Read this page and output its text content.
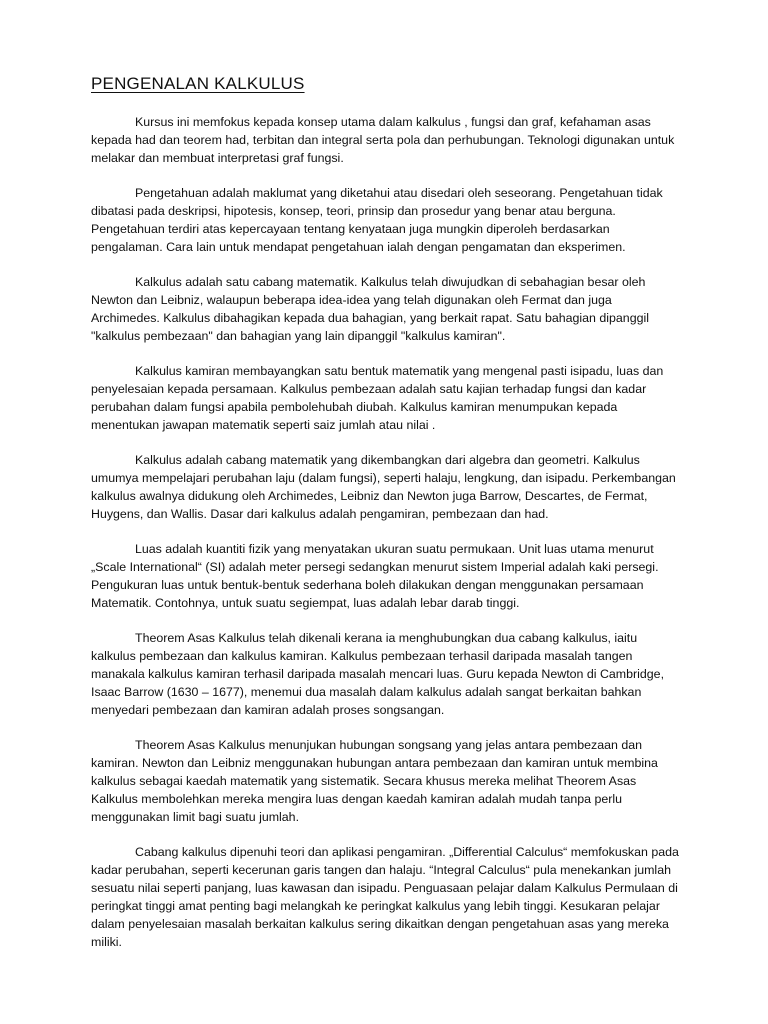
PENGENALAN KALKULUS

Kursus ini memfokus kepada konsep utama dalam kalkulus , fungsi dan graf, kefahaman asas kepada had dan teorem had, terbitan dan integral serta pola dan perhubungan. Teknologi digunakan untuk melakar dan membuat interpretasi graf fungsi.

Pengetahuan adalah maklumat yang diketahui atau disedari oleh seseorang. Pengetahuan tidak dibatasi pada deskripsi, hipotesis, konsep, teori, prinsip dan prosedur yang benar atau berguna. Pengetahuan terdiri atas kepercayaan tentang kenyataan juga mungkin diperoleh berdasarkan pengalaman. Cara lain untuk mendapat pengetahuan ialah dengan pengamatan dan eksperimen.

Kalkulus adalah satu cabang matematik. Kalkulus telah diwujudkan di sebahagian besar oleh Newton dan Leibniz, walaupun beberapa idea-idea yang telah digunakan oleh Fermat dan juga Archimedes. Kalkulus dibahagikan kepada dua bahagian, yang berkait rapat. Satu bahagian dipanggil "kalkulus pembezaan" dan bahagian yang lain dipanggil "kalkulus kamiran".

Kalkulus kamiran membayangkan satu bentuk matematik yang mengenal pasti isipadu, luas dan penyelesaian kepada persamaan. Kalkulus pembezaan adalah satu kajian terhadap fungsi dan kadar perubahan dalam fungsi apabila pembolehubah diubah. Kalkulus kamiran menumpukan kepada menentukan jawapan matematik seperti saiz jumlah atau nilai .

Kalkulus adalah cabang matematik yang dikembangkan dari algebra dan geometri. Kalkulus umumya mempelajari perubahan laju (dalam fungsi), seperti halaju, lengkung, dan isipadu. Perkembangan kalkulus awalnya didukung oleh Archimedes, Leibniz dan Newton juga Barrow, Descartes, de Fermat, Huygens, dan Wallis. Dasar dari kalkulus adalah pengamiran, pembezaan dan had.

Luas adalah kuantiti fizik yang menyatakan ukuran suatu permukaan. Unit luas utama menurut „Scale International“ (SI) adalah meter persegi sedangkan menurut sistem Imperial adalah kaki persegi. Pengukuran luas untuk bentuk-bentuk sederhana boleh dilakukan dengan menggunakan persamaan Matematik. Contohnya, untuk suatu segiempat, luas adalah lebar darab tinggi.

Theorem Asas Kalkulus telah dikenali kerana ia menghubungkan dua cabang kalkulus, iaitu kalkulus pembezaan dan kalkulus kamiran. Kalkulus pembezaan terhasil daripada masalah tangen manakala kalkulus kamiran terhasil daripada masalah mencari luas. Guru kepada Newton di Cambridge, Isaac Barrow (1630 – 1677), menemui dua masalah dalam kalkulus adalah sangat berkaitan bahkan menyedari pembezaan dan kamiran adalah proses songsangan.

Theorem Asas Kalkulus menunjukan hubungan songsang yang jelas antara pembezaan dan kamiran. Newton dan Leibniz menggunakan hubungan antara pembezaan dan kamiran untuk membina kalkulus sebagai kaedah matematik yang sistematik. Secara khusus mereka melihat Theorem Asas Kalkulus membolehkan mereka mengira luas dengan kaedah kamiran adalah mudah tanpa perlu menggunakan limit bagi suatu jumlah.

Cabang kalkulus dipenuhi teori dan aplikasi pengamiran. „Differential Calculus“ memfokuskan pada kadar perubahan, seperti kecerunan garis tangen dan halaju. “Integral Calculus“ pula menekankan jumlah sesuatu nilai seperti panjang, luas kawasan dan isipadu. Penguasaan pelajar dalam Kalkulus Permulaan di peringkat tinggi amat penting bagi melangkah ke peringkat kalkulus yang lebih tinggi. Kesukaran pelajar dalam penyelesaian masalah berkaitan kalkulus sering dikaitkan dengan pengetahuan asas yang mereka miliki.
